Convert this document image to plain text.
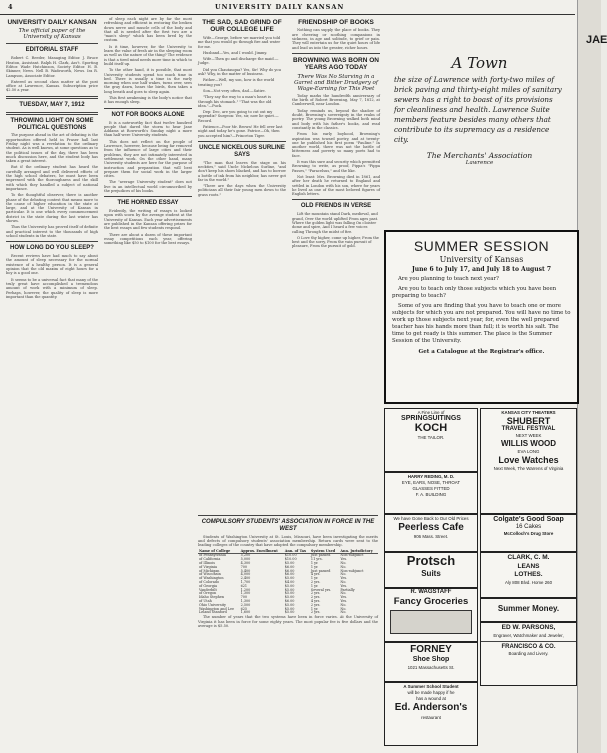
4	UNIVERSITY DAILY KANSAN
JAE
UNIVERSITY DAILY KANSAN
The official paper of the University of Kansas
EDITORIAL STAFF

Robert C. Reeder, Managing Editor. J. Bruce Heaton, Assistant. Ralph H. Clark, Ass't. Sporting Editor. Wade Hutchinson, Society Editor. H. B. Skinner, News. Nell B. Wadsworth, News. Ira R. Lampson, Associate Editor.

Entered as second class matter at the post office at Lawrence, Kansas. Subscription price $2.50 a year.

TUESDAY, MAY 7, 1912
THROWING LIGHT ON SOME POLITICAL QUESTIONS

The purpose ahead in the art of debating is the opportunities offered held in Fraser hall last Friday night was a revelation to the ordinary student. As is well known, at some questions as to the political issues of the day, there has been much discussion here, and the student body has taken a great interest.

But if the ordinary student has heard the carefully arranged and well delivered efforts of the high school debaters, he must have been impressed with the thoroughness and the skill with which they handled a subject of national importance.

To the thoughtful observer, there is another phase of the debating contest that means more to the cause of higher education in the state at large, and at the University of Kansas in particular. It is one which every commencement district in the state during the last winter has shown.

Thus the University has proved itself of definite and practical interest to the thousands of high school students in the state.

HOW LONG DO YOU SLEEP?

Recent reviews have had much to say about the amount of sleep necessary for the normal existence of a healthy person. It is a general opinion that the old maxim of eight hours for a boy is a good one.

It seems to be a universal fact that many of the truly great have accomplished a tremendous amount of work with a minimum of sleep. Perhaps, however, the quality of sleep is more important than the quantity.

of sleep each night are by far the most refreshing and efficient in restoring the broken down nerve and muscle cells of the body and that all is needed after the first two are a "man's sleep" which has been bred by the custom.

Is it time, however, for the University to learn the value of fresh air in the sleeping room as well as the nature of the thing? The evidence is that a tired mind needs more time in which to build itself up.

To the other hand, it is possible, that most University students spend too much time in bed. There is usually a time in the early morning when one half wakes, turns over, sees the gray dawn, hears the birds, then takes a long breath and goes to sleep again.

This first awakening is the body's notice that it has enough sleep.

NOT FOR BOOKS ALONE

It is a noteworthy fact that twelve hundred people that dared the storm to hear Jane Addams at Rowworth's Sunday night a more than half were University students.

This does not reflect on the people of Lawrence, however, because being far removed from the influence of large cities and their problems, they are not intimately interested in settlement work. On the other hand, many University students are here for the purpose of instruction and preparation that will best prepare them for social work in the larger cities.

The "average University student" does not live in an intellectual world circumscribed by the prejudices of his books.

THE HORNED ESSAY

Evidently, the writing of essays is looked upon with scorn by the average student at the University of Kansas. Each year advertisements are published in the Kansan offering prizes for the best essays and few students respond.

There are about a dozen of these important essay competitions each year, offering something like $50 to $100 for the best essays.

THE SAD, SAD GRIND OF OUR COLLEGE LIFE

Wife—George, before we married you told me that you would go through fire and water for me.

Husband—Yes, and I would. Jimmy.

Wife—Then go and discharge the maid.—Judge.

Did you Chautauqua? Yes, Sir! Why do you ask? Why, in the matter of business.

Father—Well, my son, how is the world treating you?

Son—Not very often, dad.—Satire.

"They say the way to a man's heart is through his stomach." "That was the old idea."—Puck.

Dep: Dec, are you going to cut out my appendix? Surgeon: Yes, sir, now lie quiet.—Record.

Patience—Poor Mr. Brown! He fell over last night and today he's gone. Patrice—Oh, then you accepted him?—Princeton Tiger.

UNCLE NICKELOUS SURLINE SAYS

"The man that leaves the stage on his neckties," said Uncle Nickelous Surline, "and don't keep his shoes blacked, and has to borrow a bottle of ink from his neighbor, has never got far in the world."

"There are the days when the University politicians all their fair young men down to the grass roots."

FRIENDSHIP OF BOOKS

Nothing can supply the place of books. They are cheering or soothing companions in sickness, in age and solitude, to grief or pain. They will entertain us for the quiet hours of life and lead us into the greater, richer hours.

BROWNING WAS BORN ON YEARS AGO TODAY
There Was No Starving in a Garret and Bitter Drudgery of Wage-Earning for This Poet

Today marks the hundredth anniversary of the birth of Robert Browning, May 7, 1812, at Camberwell, near London.

Today reminds us, beyond the shadow of doubt, Browning's sovereignty in the realm of poetry. The young Browning walked both mind and body with his father's books, and read constantly in the classics.

From his early boyhood, Browning's aspiration was toward poetry, and at twenty-one he published his first poem "Pauline." In another world, there was not the battle of bitterness and poverty so many poets had to face.

It was this sure and security which permitted Browning to write, as proof, Pippa's "Pippa Passes," "Paracelsus," and the like.

Not least: Mrs. Browning died in 1861, and after her death he returned to England and settled in London with his son, where for years he lived as one of the most beloved figures of English letters.

OLD FRIENDS IN VERSE

Lift the mountain stand Dark, medieval, and grand, Over the world uplifted From ages past. Where the golden light was falling On cloister dome and spire, And I heard a few voices calling Through the midst of fire.

O Love thy higher, come up higher, From the best and the sorry, From the vain pursuit of pleasure, From the pursuit of gold.

COMPULSORY STUDENTS' ASSOCIATION IN FORCE IN THE WEST

Students of Washington University at St. Louis, Missouri, have been investigating the merits and defects of compulsory students' association membership. Return cards were sent to the leading colleges of the country that have adopted the compulsory membership.

Name of College	Approx. Enrollment	Ann. of Tax	System Used	Ann. Jurisdictory
of Pennsylvania	5,200	$10.00	Just passed	Non-subjunct
of California	5,000	$10.00	11 yrs.	Yes.
of Illinois	4,300	$5.00	1 yr.	No.
of Virginia	700	$6.00	1 yr.	No.
of Michigan	5,400	$6.00	Just passed	Non-subjunct
of Wisconsin	4,000	$6.00	4 yrs.	No.
of Washington	2,400	$5.00	1 yr.	Yes.
of Colorado	1,700	$4.00	2 yrs.	No.
of Georgia	621	$5.00	1 yr.	Yes.
Vanderbilt	1,200	$5.00	Several yrs.	Partially
of Oregon	1,300	$5.00	2 yrs.	No.
Idaho Stephen	700	$5.00	2 yrs.	Yes.
of Utah	1,300	$6.00	4 yrs.	Yes.
Ohio University	2,500	$5.00	2 yrs.	No.
Washington and Lee	625	$5.00	1 yr.	No.
Leland Stanford	1,600	$5.00	2 yrs.	No.

The number of years that the two systems have been in force varies. At the University of Virginia it has been in force for some eighty years. The most popular fee is five dollars and the average is $5.50.

A Town
the size of Lawrence with forty-two miles of brick paving and thirty-eight miles of sanitary sewers has a right to boast of its provisions for cleanliness and health. Lawrence Suite members feature besides many others that contribute to its supremacy as a residence city.
The Merchants' Association
Lawrence
SUMMER SESSION
University of Kansas
June 6 to July 17, and July 18 to August 7
Are you planning to teach next year?
Are you to teach only those subjects which you have been preparing to teach?
Some of you are finding that you have to teach one or more subjects for which you are not prepared. You will have no time to work up those subjects next year, for, even the well prepared teacher has his hands more than full; it is worth his salt. The time to get ready is this summer. The place is the Summer Session of the University.
Get a Catalogue at the Registrar's office.
A Fine Line of
SPRINGSUITINGS
KOCH
THE TAILOR.
HARRY REDING, M. D.
EYE, EARS, NOSE, THROAT
GLASSES FITTED
F. A. BUILDING
KANSAS CITY THEATERS
SHUBERT
TRAVEL FESTIVAL
NEXT WEEK
WILLIS WOOD
EVA LONG
Love Watches
Next Week, The Warrens of Virginia
We have Gone Back to Our Old Prices
Peerless Cafe
906 Mass. Street.
Protsch
Suits
Colgate's Good Soap
16 Cakes
McColloch's Drug Store
CLARK, C. M.
LEANS
LOTHES.
Aly 808 Blvd. Home 260
R. WAGSTAFF
Fancy Groceries
Summer Money.
FORNEY
Shoe Shop
1021 Massachusetts St.
ED W. PARSONS,
Engraver, Watchmaker and Jeweler,
FRANCISCO & CO.
Boarding and Livery.
A Summer School Student
will be made happy if he
has a wound at
Ed. Anderson's
restaurant
